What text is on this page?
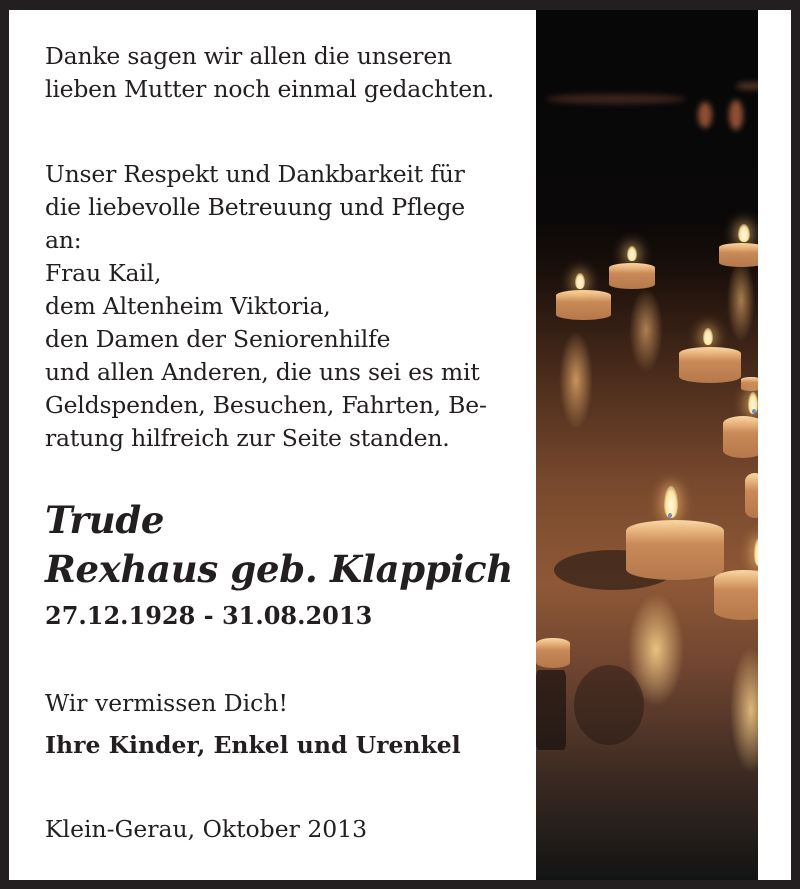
Danke sagen wir allen die unseren
lieben Mutter noch einmal gedachten.
Unser Respekt und Dankbarkeit für
die liebevolle Betreuung und Pflege
an:
Frau Kail,
dem Altenheim Viktoria,
den Damen der Seniorenhilfe
und allen Anderen, die uns sei es mit
Geldspenden, Besuchen, Fahrten, Be-
ratung hilfreich zur Seite standen.
Trude
Rexhaus geb. Klappich
27.12.1928 - 31.08.2013
Wir vermissen Dich!
Ihre Kinder, Enkel und Urenkel
Klein-Gerau, Oktober 2013
